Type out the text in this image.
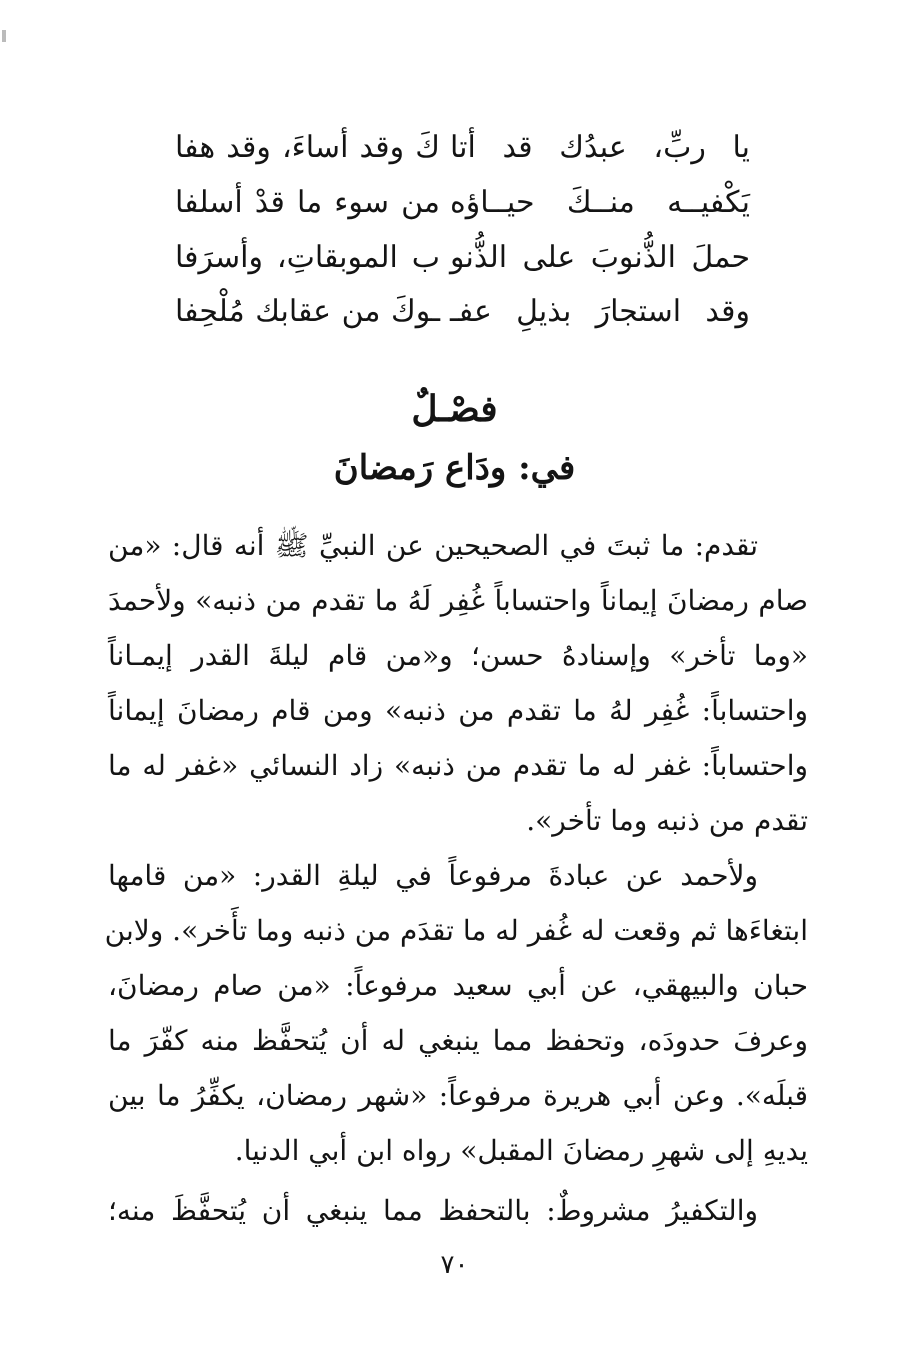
يا ربِّ، عبدُك قد أتا
كَ وقد أساءَ، وقد هفا
يَكْفيــه منــكَ حيــاؤه
من سوء ما قدْ أسلفا
حملَ الذُّنوبَ على الذُّنو
ب الموبقاتِ، وأسرَفا
وقد استجارَ بذيلِ عفـ
ـوكَ من عقابك مُلْحِفا
فصْـلٌ
في: ودَاع رَمضانَ
تقدم: ما ثبتَ في الصحيحين عن النبيِّ ﷺ أنه قال: «من
صام رمضانَ إيماناً واحتساباً غُفِر لَهُ ما تقدم من ذنبه» ولأحمدَ
«وما تأخر» وإسنادهُ حسن؛ و«من قام ليلةَ القدر إيمـاناً
واحتساباً: غُفِر لهُ ما تقدم من ذنبه» ومن قام رمضانَ إيماناً
واحتساباً: غفر له ما تقدم من ذنبه» زاد النسائي «غفر له ما
تقدم من ذنبه وما تأخر».
ولأحمد عن عبادةَ مرفوعاً في ليلةِ القدر: «من قامها
ابتغاءَها ثم وقعت له غُفر له ما تقدَم من ذنبه وما تأَخر». ولابن
حبان والبيهقي، عن أبي سعيد مرفوعاً: «من صام رمضانَ،
وعرفَ حدودَه، وتحفظ مما ينبغي له أن يُتحفَّظ منه كفّرَ ما
قبلَه». وعن أبي هريرة مرفوعاً: «شهر رمضان، يكفِّرُ ما بين
يديهِ إلى شهرِ رمضانَ المقبل» رواه ابن أبي الدنيا.
والتكفيرُ مشروطٌ: بالتحفظ مما ينبغي أن يُتحفَّظَ منه؛
٧٠
